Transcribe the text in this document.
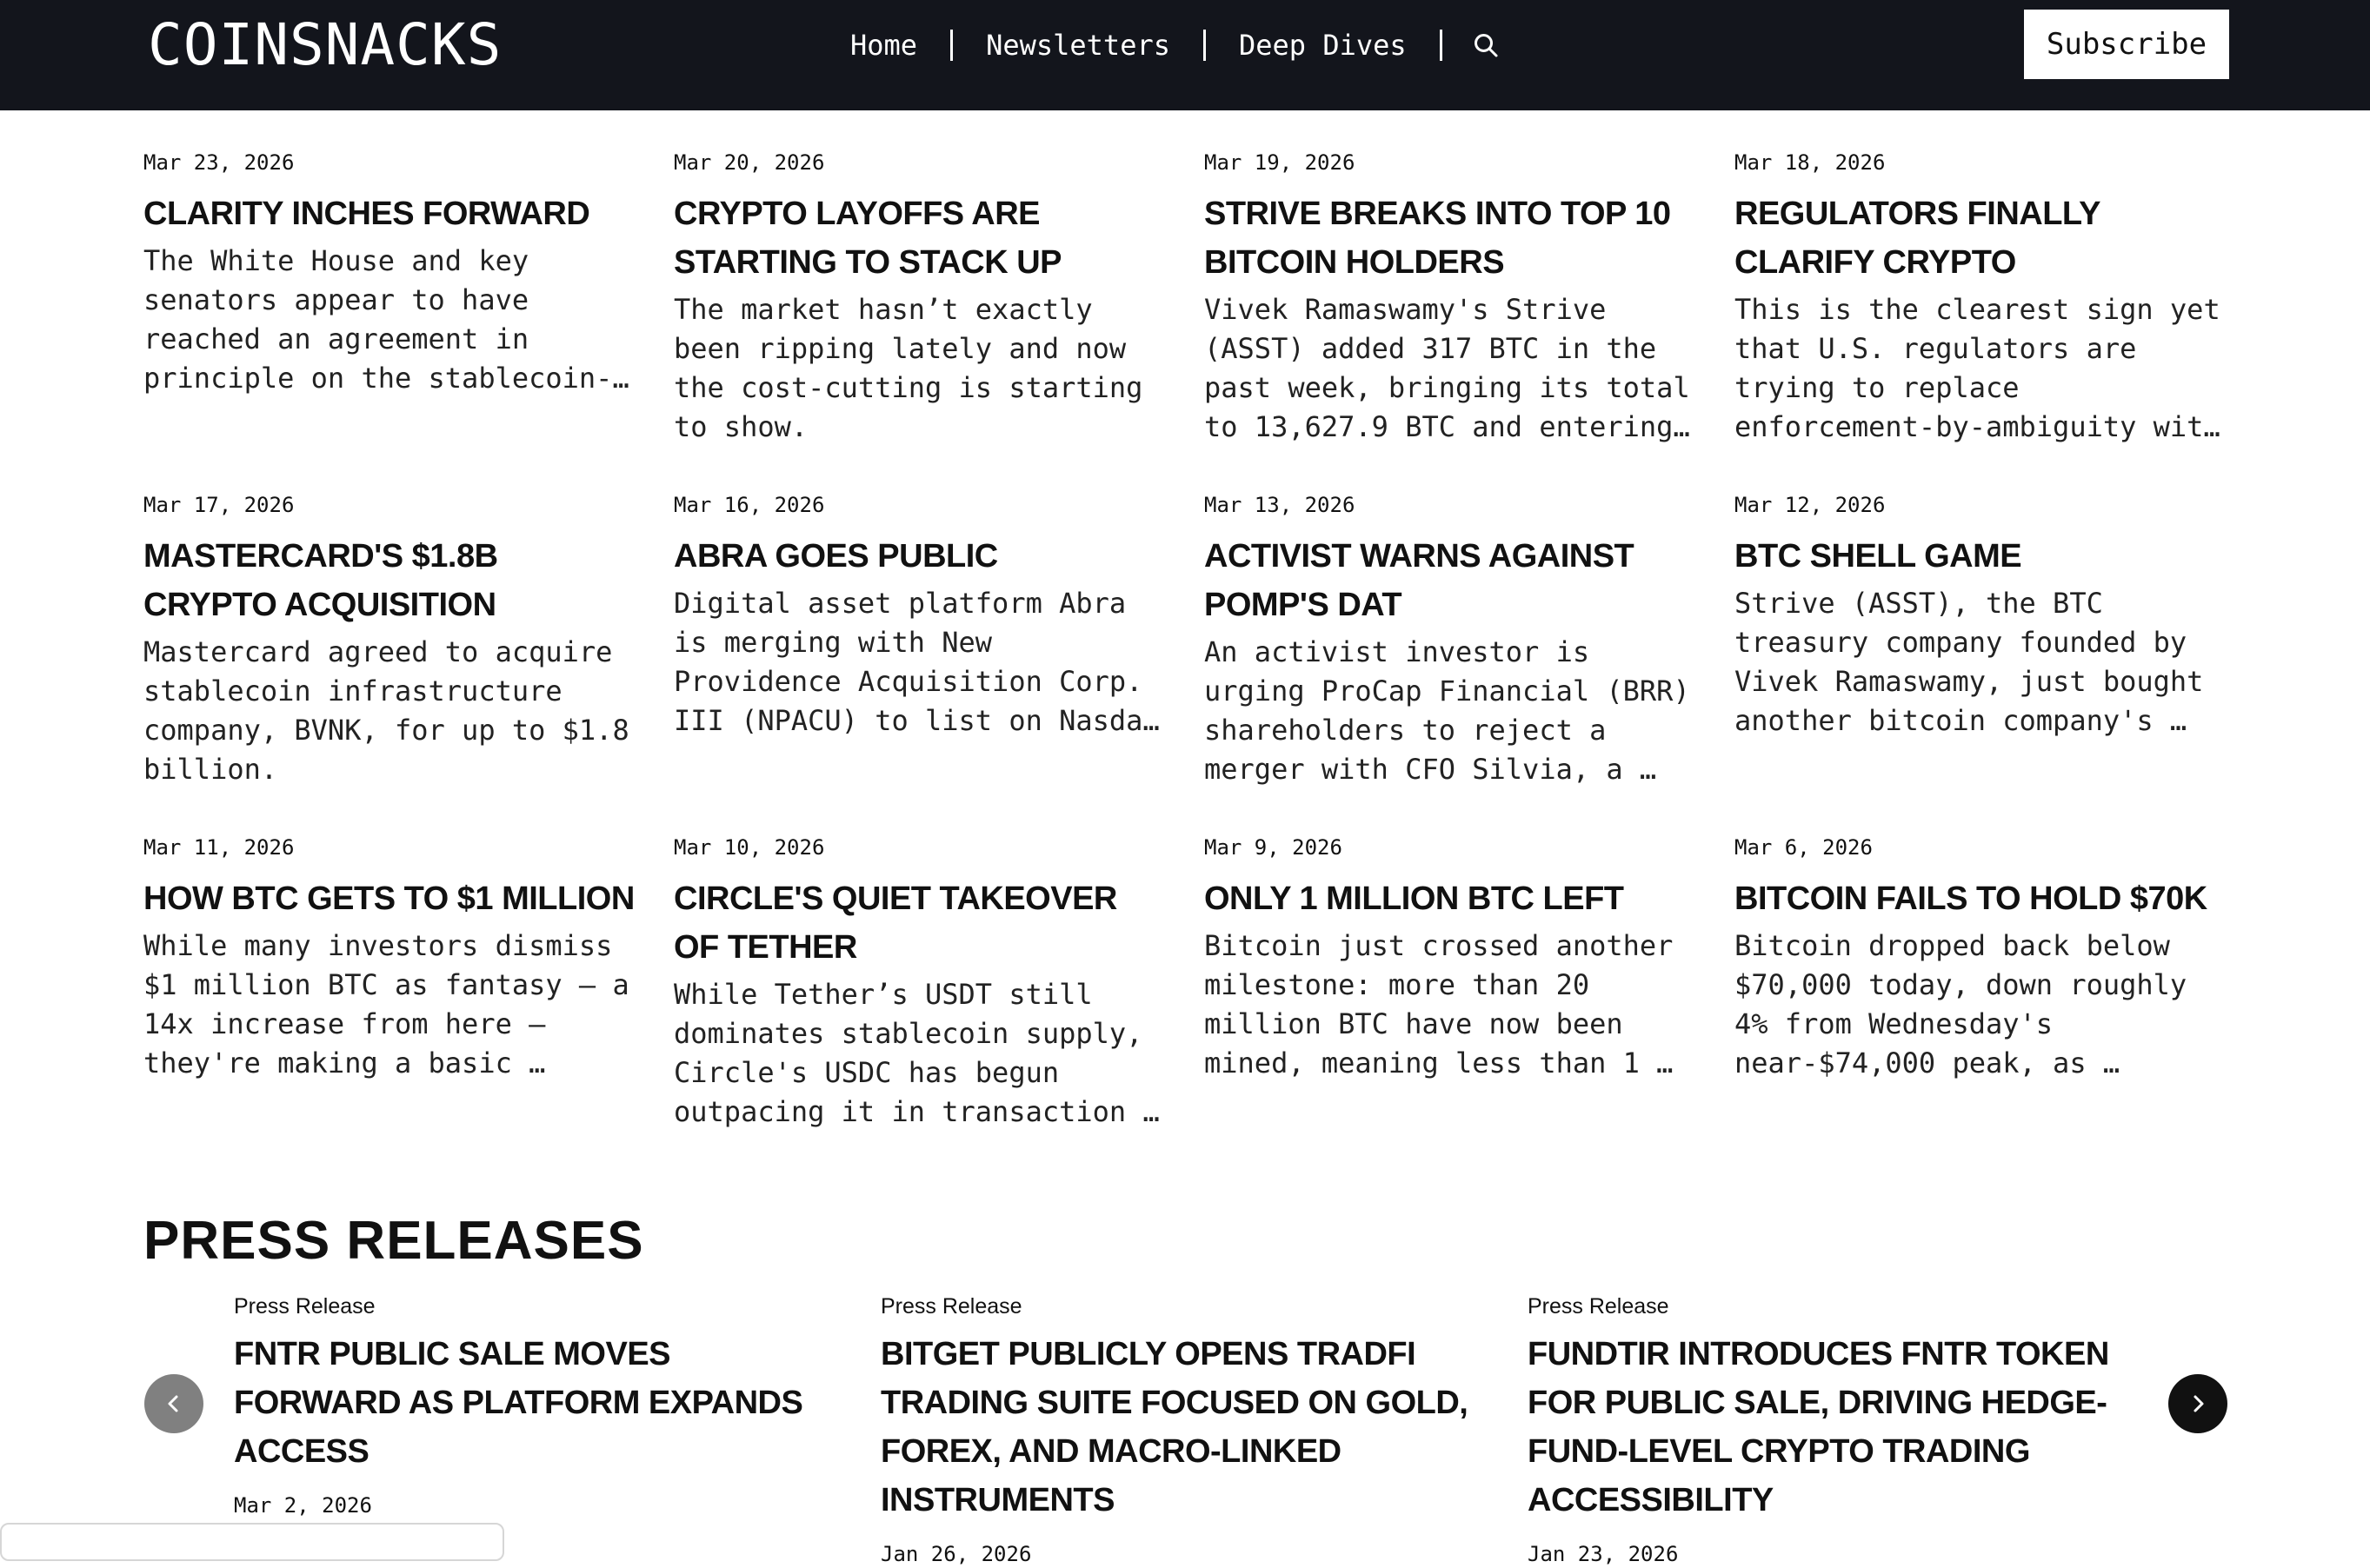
COINSNACKS	Home	Newsletters	Deep Dives	Subscribe
Mar 23, 2026
CLARITY INCHES FORWARD
The White House and key senators appear to have reached an agreement in principle on the stablecoin-…
Mar 20, 2026
CRYPTO LAYOFFS ARE STARTING TO STACK UP
The market hasn’t exactly been ripping lately and now the cost-cutting is starting to show.
Mar 19, 2026
STRIVE BREAKS INTO TOP 10 BITCOIN HOLDERS
Vivek Ramaswamy's Strive (ASST) added 317 BTC in the past week, bringing its total to 13,627.9 BTC and entering…
Mar 18, 2026
REGULATORS FINALLY CLARIFY CRYPTO
This is the clearest sign yet that U.S. regulators are trying to replace enforcement-by-ambiguity wit…
Mar 17, 2026
MASTERCARD'S $1.8B CRYPTO ACQUISITION
Mastercard agreed to acquire stablecoin infrastructure company, BVNK, for up to $1.8 billion.
Mar 16, 2026
ABRA GOES PUBLIC
Digital asset platform Abra is merging with New Providence Acquisition Corp. III (NPACU) to list on Nasda…
Mar 13, 2026
ACTIVIST WARNS AGAINST POMP'S DAT
An activist investor is urging ProCap Financial (BRR) shareholders to reject a merger with CFO Silvia, a …
Mar 12, 2026
BTC SHELL GAME
Strive (ASST), the BTC treasury company founded by Vivek Ramaswamy, just bought another bitcoin company's …
Mar 11, 2026
HOW BTC GETS TO $1 MILLION
While many investors dismiss $1 million BTC as fantasy — a 14x increase from here — they're making a basic …
Mar 10, 2026
CIRCLE'S QUIET TAKEOVER OF TETHER
While Tether’s USDT still dominates stablecoin supply, Circle's USDC has begun outpacing it in transaction …
Mar 9, 2026
ONLY 1 MILLION BTC LEFT
Bitcoin just crossed another milestone: more than 20 million BTC have now been mined, meaning less than 1 …
Mar 6, 2026
BITCOIN FAILS TO HOLD $70K
Bitcoin dropped back below $70,000 today, down roughly 4% from Wednesday's near-$74,000 peak, as …
PRESS RELEASES
Press Release
FNTR PUBLIC SALE MOVES FORWARD AS PLATFORM EXPANDS ACCESS
Mar 2, 2026
Press Release
BITGET PUBLICLY OPENS TRADFI TRADING SUITE FOCUSED ON GOLD, FOREX, AND MACRO-LINKED INSTRUMENTS
Jan 26, 2026
Press Release
FUNDTIR INTRODUCES FNTR TOKEN FOR PUBLIC SALE, DRIVING HEDGE-FUND-LEVEL CRYPTO TRADING ACCESSIBILITY
Jan 23, 2026
